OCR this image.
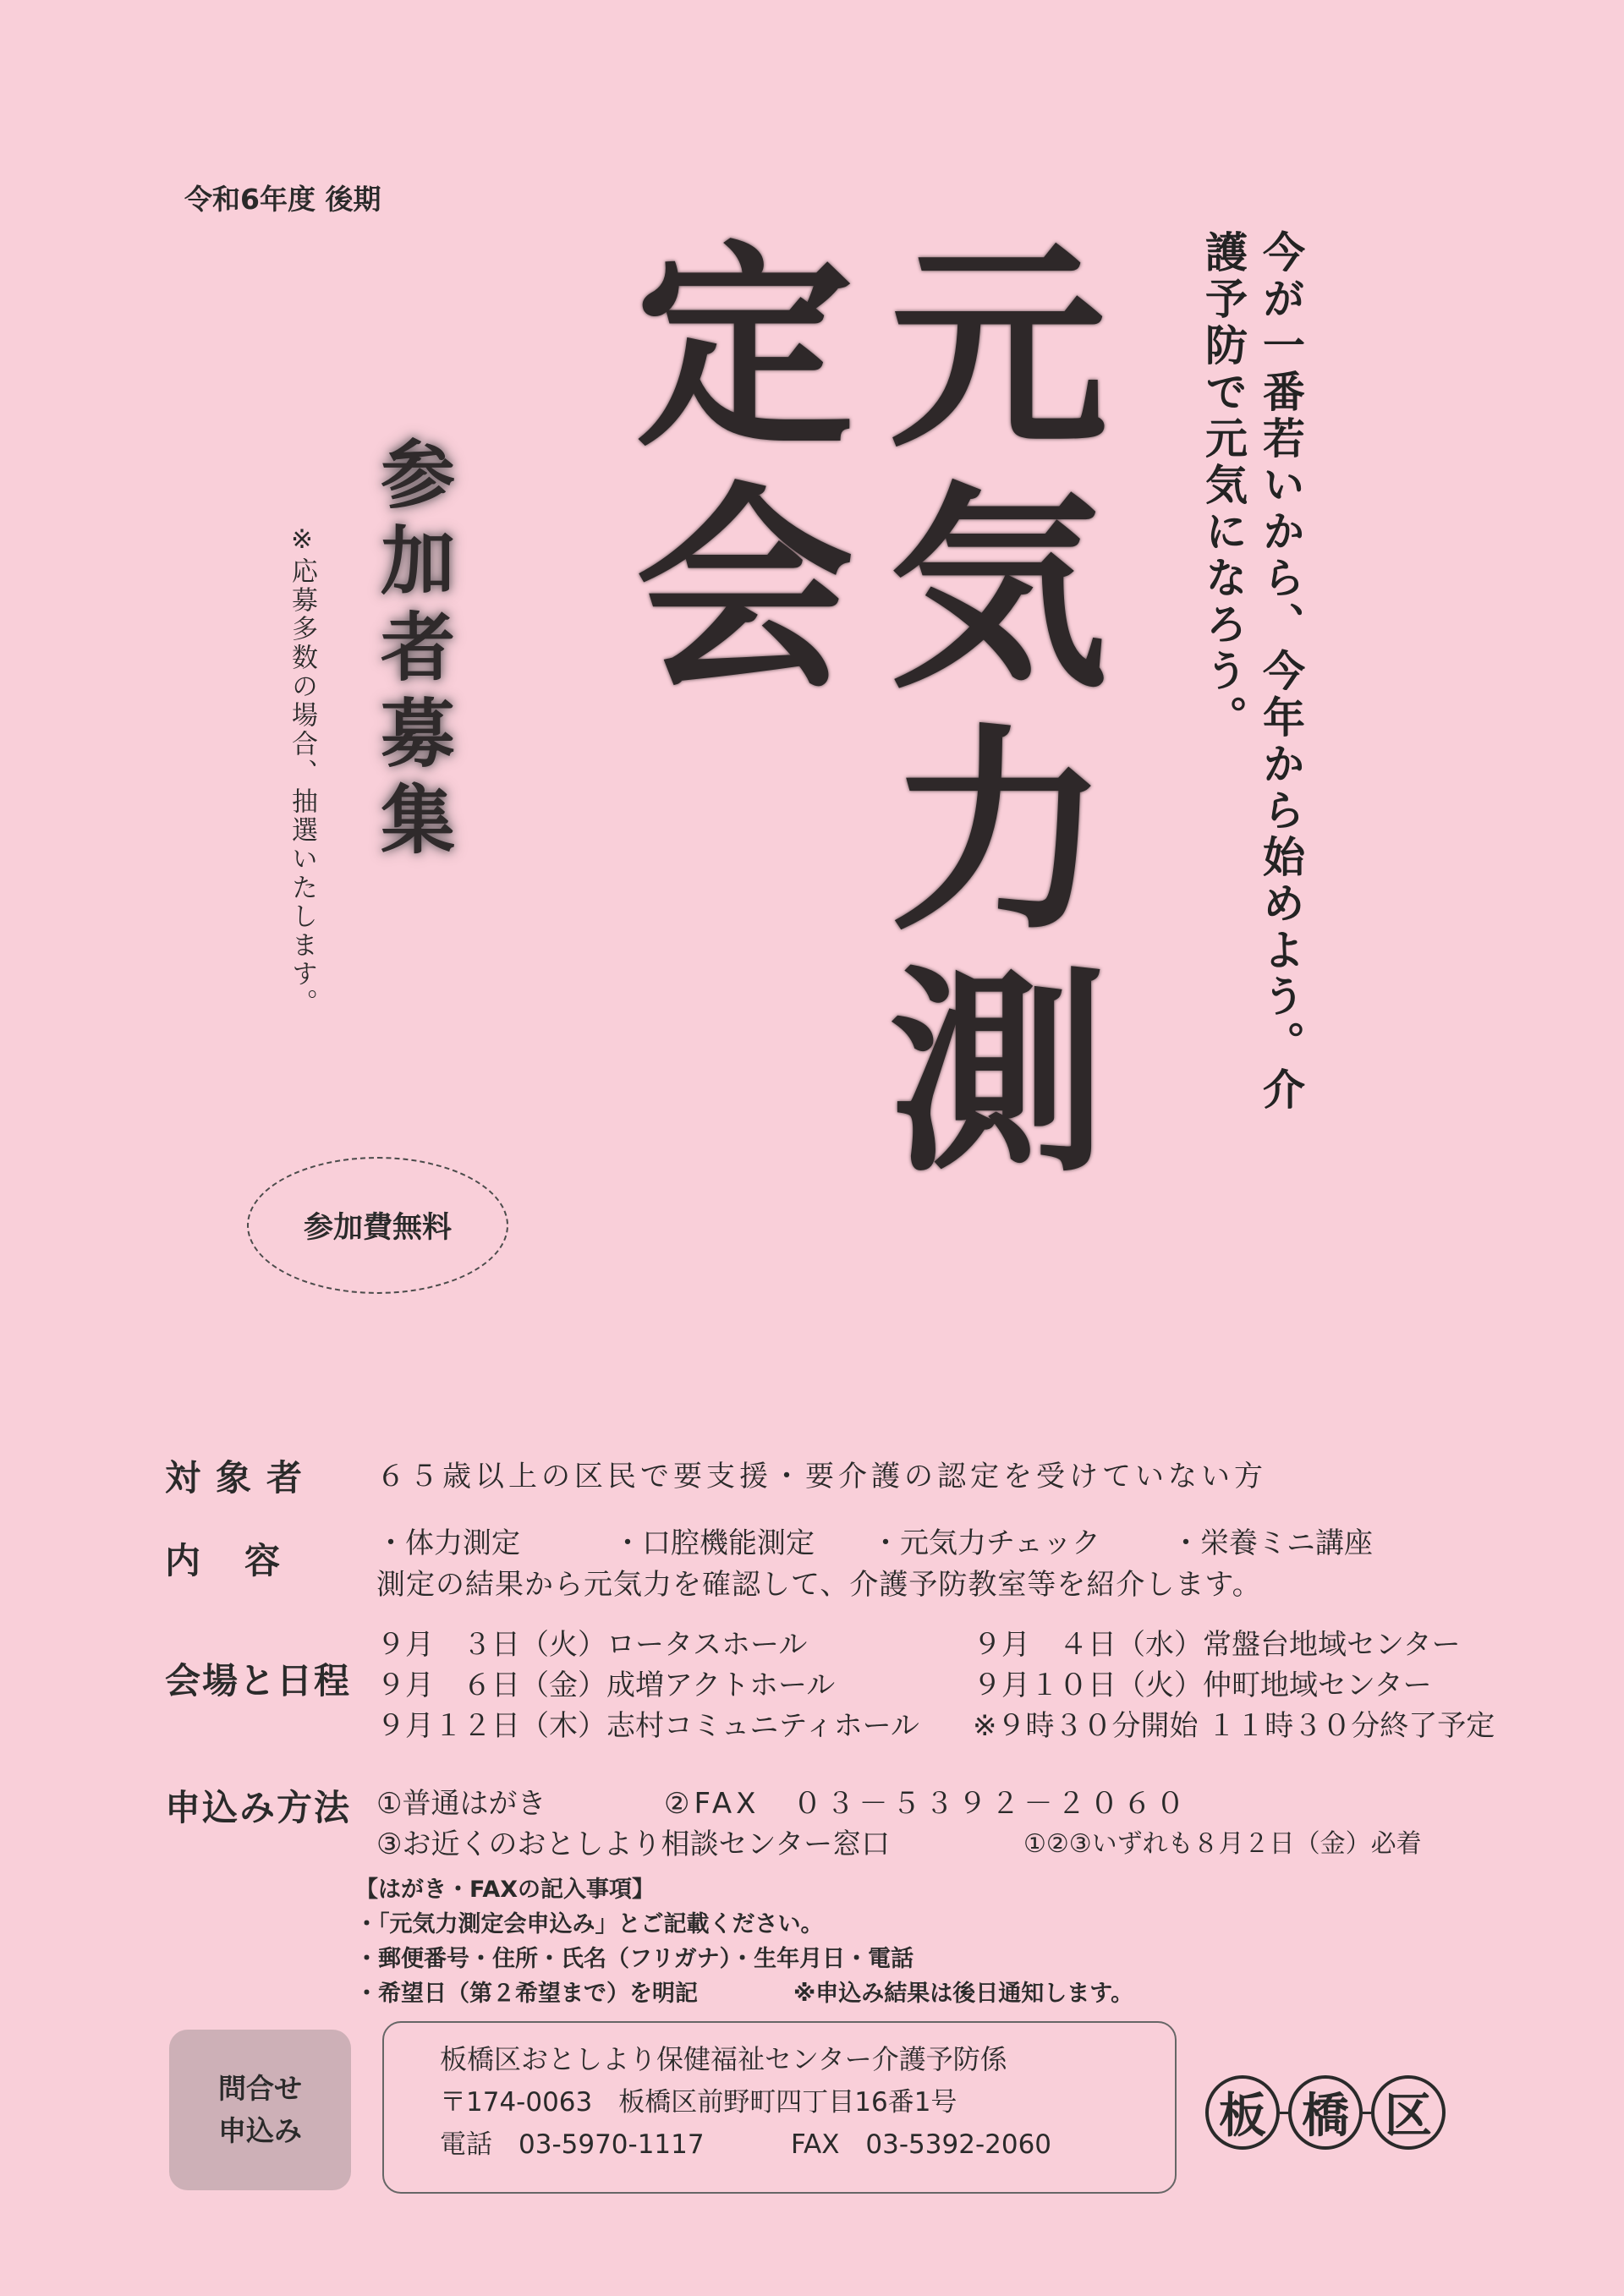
令和6年度 後期
元気力測定会	今が一番若いから、今年から始めよう。介護予防で元気になろう。
参加者募集
※応募多数の場合、抽選いたします。
参加費無料
対象者 ６５歳以上の区民で要支援・要介護の認定を受けていない方
内容 ・体力測定	・口腔機能測定 ・元気力チェック ・栄養ミニ講座
測定の結果から元気力を確認して、介護予防教室等を紹介します。
会場と日程
９月　３日（火）ロータスホール	９月　４日（水）常盤台地域センター
９月　６日（金）成増アクトホール	９月１０日（火）仲町地域センター
９月１２日（木）志村コミュニティホール ※９時３０分開始 １１時３０分終了予定
申込み方法 ①普通はがき	②FAX　０３－５３９２－２０６０
③お近くのおとしより相談センター窓口	①②③いずれも８月２日（金）必着
【はがき・FAXの記入事項】
・「元気力測定会申込み」とご記載ください。
・郵便番号・住所・氏名（フリガナ）・生年月日・電話
・希望日（第２希望まで）を明記	※申込み結果は後日通知します。
問合せ
申込み
板橋区おとしより保健福祉センター介護予防係
〒174-0063　板橋区前野町四丁目16番1号
電話　03-5970-1117	FAX　03-5392-2060
板 橋 区
